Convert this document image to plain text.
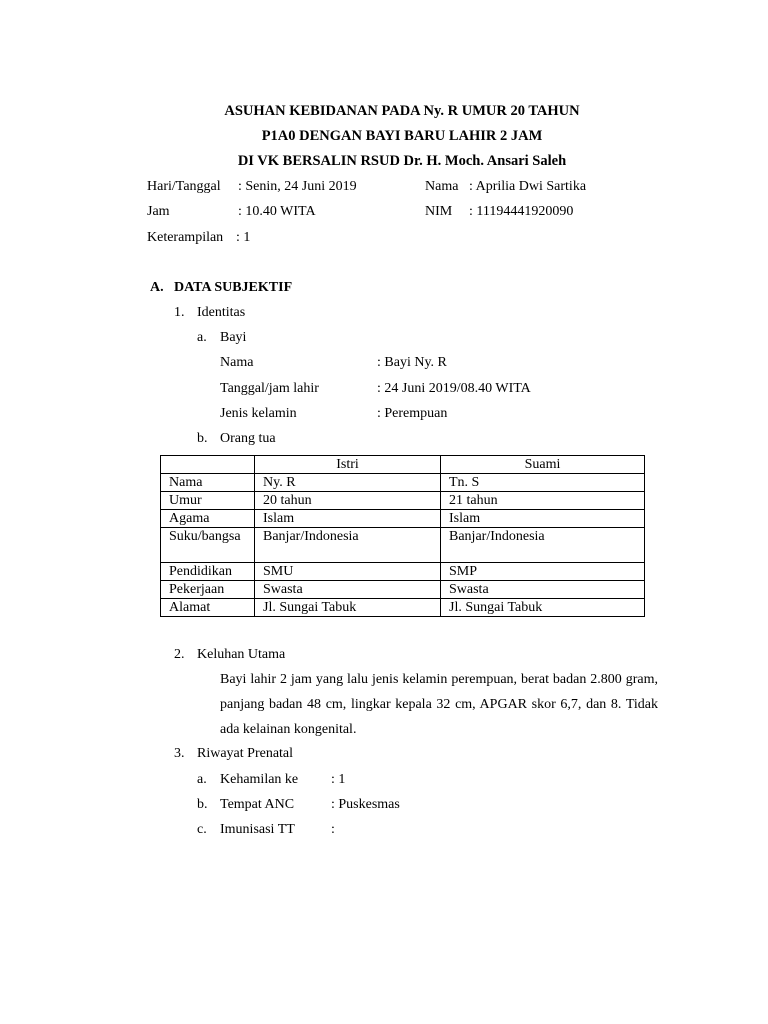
ASUHAN KEBIDANAN PADA Ny. R UMUR 20 TAHUN
P1A0 DENGAN BAYI BARU LAHIR 2 JAM
DI VK BERSALIN RSUD Dr. H. Moch. Ansari Saleh
Hari/Tanggal : Senin, 24 Juni 2019	Nama : Aprilia Dwi Sartika
Jam	: 10.40 WITA	NIM : 11194441920090
Keterampilan : 1
A. DATA SUBJEKTIF
1. Identitas
a. Bayi
Nama	: Bayi Ny. R
Tanggal/jam lahir	: 24 Juni 2019/08.40 WITA
Jenis kelamin	: Perempuan
b. Orang tua
	Istri	Suami
Nama	Ny. R	Tn. S
Umur	20 tahun	21 tahun
Agama	Islam	Islam
Suku/bangsa	Banjar/Indonesia	Banjar/Indonesia
Pendidikan	SMU	SMP
Pekerjaan	Swasta	Swasta
Alamat	Jl. Sungai Tabuk	Jl. Sungai Tabuk
2. Keluhan Utama
Bayi lahir 2 jam yang lalu jenis kelamin perempuan, berat badan 2.800 gram, panjang badan 48 cm, lingkar kepala 32 cm, APGAR skor 6,7, dan 8. Tidak ada kelainan kongenital.
3. Riwayat Prenatal
a. Kehamilan ke : 1
b. Tempat ANC	: Puskesmas
c. Imunisasi TT	:
